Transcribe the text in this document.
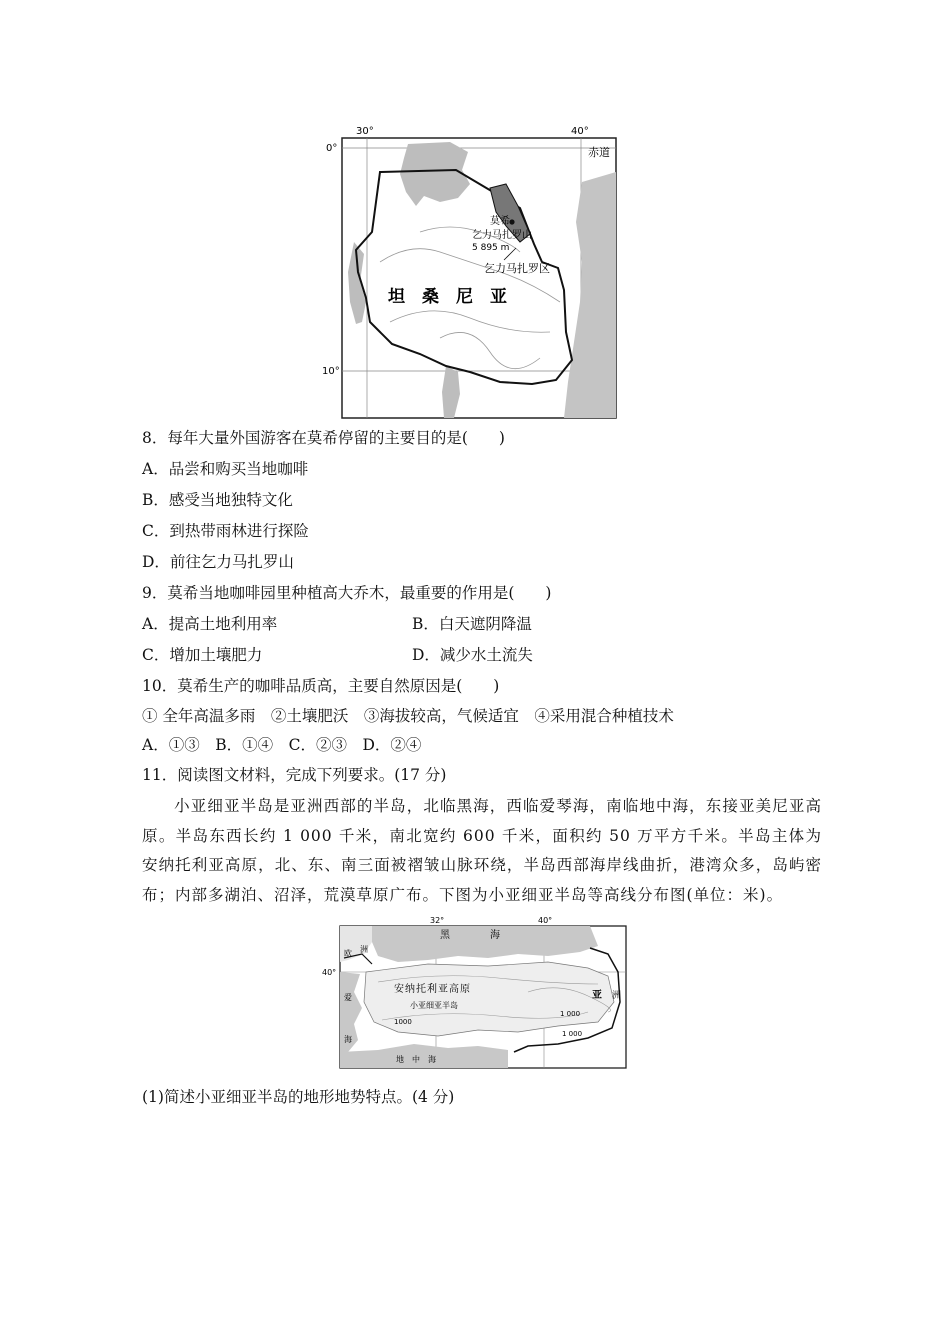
30°	40°
0°
10°
赤道
莫希
乞力马扎罗山
5 895 m
乞力马扎罗区
坦　桑　尼　亚
8．每年大量外国游客在莫希停留的主要目的是(　　)
A．品尝和购买当地咖啡
B．感受当地独特文化
C．到热带雨林进行探险
D．前往乞力马扎罗山
9．莫希当地咖啡园里种植高大乔木，最重要的作用是(　　)
A．提高土地利用率	B．白天遮阴降温
C．增加土壤肥力	D．减少水土流失
10．莫希生产的咖啡品质高，主要自然原因是(　　)
① 全年高温多雨　②土壤肥沃　③海拔较高，气候适宜　④采用混合种植技术
A．①③　B．①④　C．②③　D．②④
11．阅读图文材料，完成下列要求。(17 分)
小亚细亚半岛是亚洲西部的半岛，北临黑海，西临爱琴海，南临地中海，东接亚美尼亚高原。半岛东西长约 1 000 千米，南北宽约 600 千米，面积约 50 万平方千米。半岛主体为安纳托利亚高原，北、东、南三面被褶皱山脉环绕，半岛西部海岸线曲折，港湾众多，岛屿密布；内部多湖泊、沼泽，荒漠草原广布。下图为小亚细亚半岛等高线分布图(单位：米)。
32°	40°
40°
黑	海
欧 洲
安纳托利亚高原
小亚细亚半岛
亚 洲
1000
1 000
1 000
爱
海
地 中 海
(1)简述小亚细亚半岛的地形地势特点。(4 分)
